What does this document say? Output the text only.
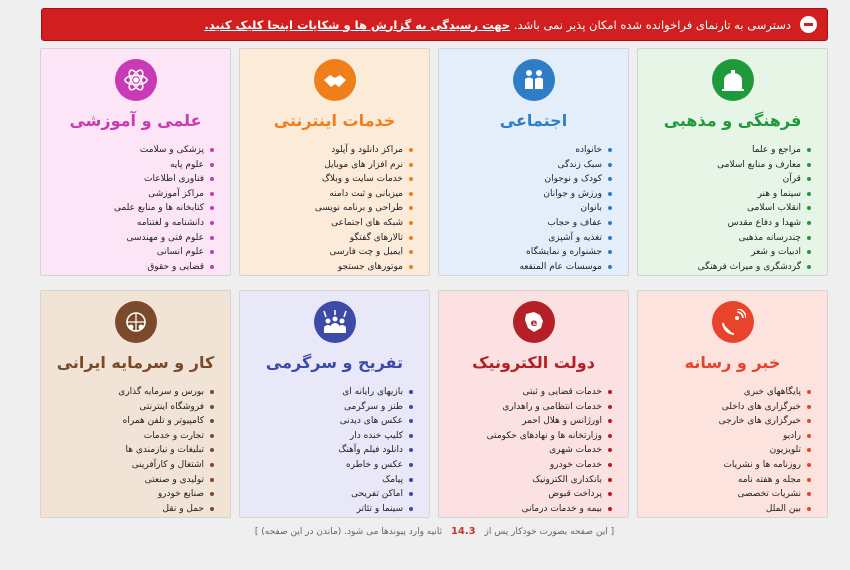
دسترسی به تارنمای فراخوانده شده امکان پذیر نمی باشد.

جهت رسیدگی به گزارش ها و شکایات اینجا کلیک کنید.
فرهنگی و مذهبی
مراجع و علما
معارف و منابع اسلامی
قرآن
سینما و هنر
انقلاب اسلامی
شهدا و دفاع مقدس
چندرسانه مذهبی
ادبیات و شعر
گردشگری و میراث فرهنگی
اجتماعی
خانواده
سبک زندگی
کودک و نوجوان
ورزش و جوانان
بانوان
عفاف و حجاب
تغذیه و آشپزی
جشنواره و نمایشگاه
موسسات عام المنفعه
خدمات اینترنتی
مراکز دانلود و آپلود
نرم افزار های موبایل
خدمات سایت و وبلاگ
میزبانی و ثبت دامنه
طراحی و برنامه نویسی
شبکه های اجتماعی
تالارهای گفتگو
ایمیل و چت فارسی
موتورهای جستجو
علمی و آموزشی
پزشکی و سلامت
علوم پایه
فناوری اطلاعات
مراکز آموزشی
کتابخانه ها و منابع علمی
دانشنامه و لغتنامه
علوم فنی و مهندسی
علوم انسانی
قضایی و حقوق
خبر و رسانه
پایگاههای خبری
خبرگزاری های داخلی
خبرگزاری های خارجی
رادیو
تلویزیون
روزنامه ها و نشریات
مجله و هفته نامه
نشریات تخصصی
بین الملل
e
دولت الکترونیک
خدمات قضایی و ثبتی
خدمات انتظامی و راهداری
اورژانس و هلال احمر
وزارتخانه ها و نهادهای حکومتی
خدمات شهری
خدمات خودرو
بانکداری الکترونیک
پرداخت قبوض
بیمه و خدمات درمانی
تفریح و سرگرمی
بازیهای رایانه ای
طنز و سرگرمی
عکس های دیدنی
کلیپ خنده دار
دانلود فیلم وآهنگ
عکس و خاطره
پیامک
اماکن تفریحی
سینما و تئاتر
کار و سرمایه ایرانی
بورس و سرمایه گذاری
فروشگاه اینترنتی
کامپیوتر و تلفن همراه
تجارت و خدمات
تبلیغات و نیازمندی ها
اشتغال و کارآفرینی
تولیدی و صنعتی
صنایع خودرو
حمل و نقل
[ این صفحه بصورت خودکار پس از 14.3 ثانیه وارد پیوندها می شود. (ماندن در این صفحه) ]
